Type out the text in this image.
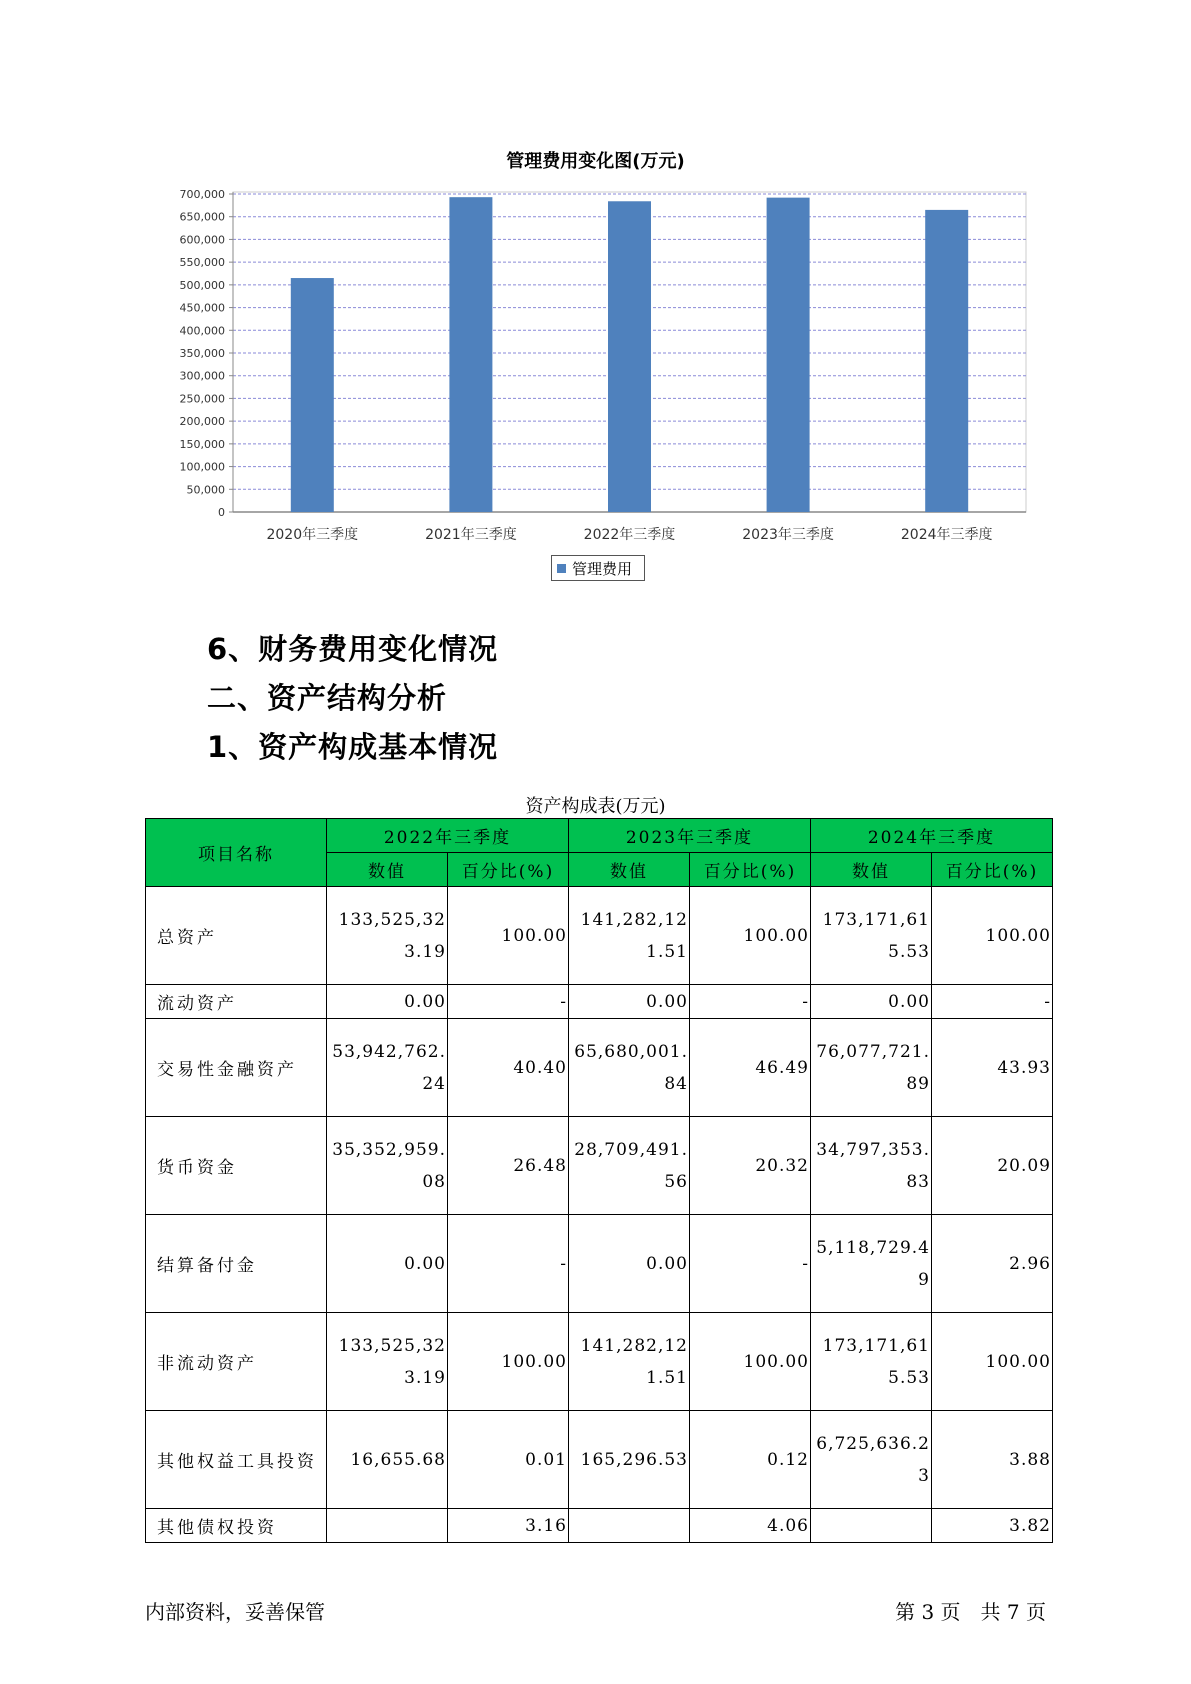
管理费用变化图(万元)
0
50,000
100,000
150,000
200,000
250,000
300,000
350,000
400,000
450,000
500,000
550,000
600,000
650,000
700,000
2020年三季度	2021年三季度	2022年三季度	2023年三季度	2024年三季度
管理费用
6、财务费用变化情况
二、资产结构分析
1、资产构成基本情况
资产构成表(万元)
项目名称	2022年三季度		2023年三季度		2024年三季度	
	数值	百分比(%)	数值	百分比(%)	数值	百分比(%)
总资产	133,525,323.19	100.00	141,282,121.51	100.00	173,171,615.53	100.00
流动资产	0.00	-	0.00	-	0.00	-
交易性金融资产	53,942,762.24	40.40	65,680,001.84	46.49	76,077,721.89	43.93
货币资金	35,352,959.08	26.48	28,709,491.56	20.32	34,797,353.83	20.09
结算备付金	0.00	-	0.00	-	5,118,729.49	2.96
非流动资产	133,525,323.19	100.00	141,282,121.51	100.00	173,171,615.53	100.00
其他权益工具投资	16,655.68	0.01	165,296.53	0.12	6,725,636.23	3.88
其他债权投资		3.16		4.06		3.82
内部资料，妥善保管	第 3 页　共 7 页
